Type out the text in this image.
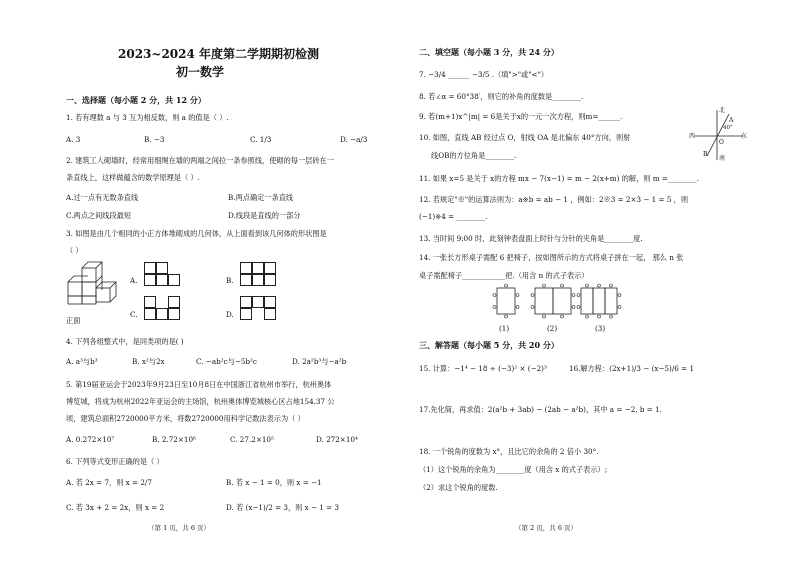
2023~2024 年度第二学期期初检测
初一数学
一、选择题（每小题 2 分，共 12 分）
1. 若有理数 a 与 3 互为相反数，则 a 的值是（ ）.
A. 3	B. −3	C. 1/3	D. −a/3
2. 建筑工人砌墙时，经常用细绳在墙的两端之间拉一条参照线，使砌的每一层砖在一
条直线上，这样做蕴含的数学原理是（ ）.
A.过一点有无数条直线	B.两点确定一条直线
C.两点之间线段最短	D.线段是直线的一部分
3. 如图是由几个相同的小正方体堆砌成的几何体，从上面看到该几何体的形状图是
（ ）
正面
A.	B.
C.	D.
4. 下列各组整式中，是同类项的是( )
A. a³与b³	B. x²与2x	C. −ab²c与−5b²c	D. 2a²b³与−a²b
5. 第19届亚运会于2023年9月23日至10月8日在中国浙江省杭州市举行，杭州奥体
博览城，将成为杭州2022年亚运会的主场馆，杭州奥体博览城核心区占地154.37 公
顷，建筑总面积2720000平方米，将数2720000用科学记数法表示为（ ）
A. 0.272×10⁷	B. 2.72×10⁶	C. 27.2×10⁵	D. 272×10⁴
6. 下列等式变形正确的是（ ）
A. 若 2x = 7，则 x = 2/7	B. 若 x − 1 = 0，则 x = −1
C. 若 3x + 2 = 2x，则 x = 2	D. 若 (x−1)/2 = 3，则 x − 1 = 3
（第 1 页，共 6 页）
二、填空题（每小题 3 分，共 24 分）
7. −3/4 ______ −3/5 .（填">"或"<"）
8. 若∠α = 60°38′，则它的补角的度数是________.
9. 若(m+1)x^|m| = 6是关于x的一元一次方程，则m=______.
10. 如图，直线 AB 经过点 O，射线 OA 是北偏东 40°方向，则射
线OB的方位角是________.
北
A
40°
东
西
O
B
南
11. 如果 x=5 是关于 x的方程 mx − 7(x−1) = m − 2(x+m) 的解，则 m =________.
12. 若规定"※"的运算法则为：a※b = ab − 1 ，例如：2※3 = 2×3 − 1 = 5 ，则
(−1)※4 = ________.
13. 当时间 9:00 时，此刻钟表盘面上时针与分针的夹角是________度.
14. 一张长方形桌子需配 6 把椅子，按如图所示的方式将桌子拼在一起， 那么 n 张
桌子需配椅子____________把.（用含 n 的式子表示）
(1)	(2)	(3)
三、解答题（每小题 5 分，共 20 分）
15. 计算：−1⁴ − 18 ÷ (−3)² × (−2)³	16.解方程：(2x+1)/3 − (x−5)/6 = 1
17.先化简，再求值：2(a²b + 3ab) − (2ab − a²b)，其中 a = −2, b = 1.
18. 一个锐角的度数为 x°，且比它的余角的 2 倍小 30°.
（1）这个锐角的余角为________度（用含 x 的式子表示）;
（2）求这个锐角的度数.
（第 2 页，共 6 页）
